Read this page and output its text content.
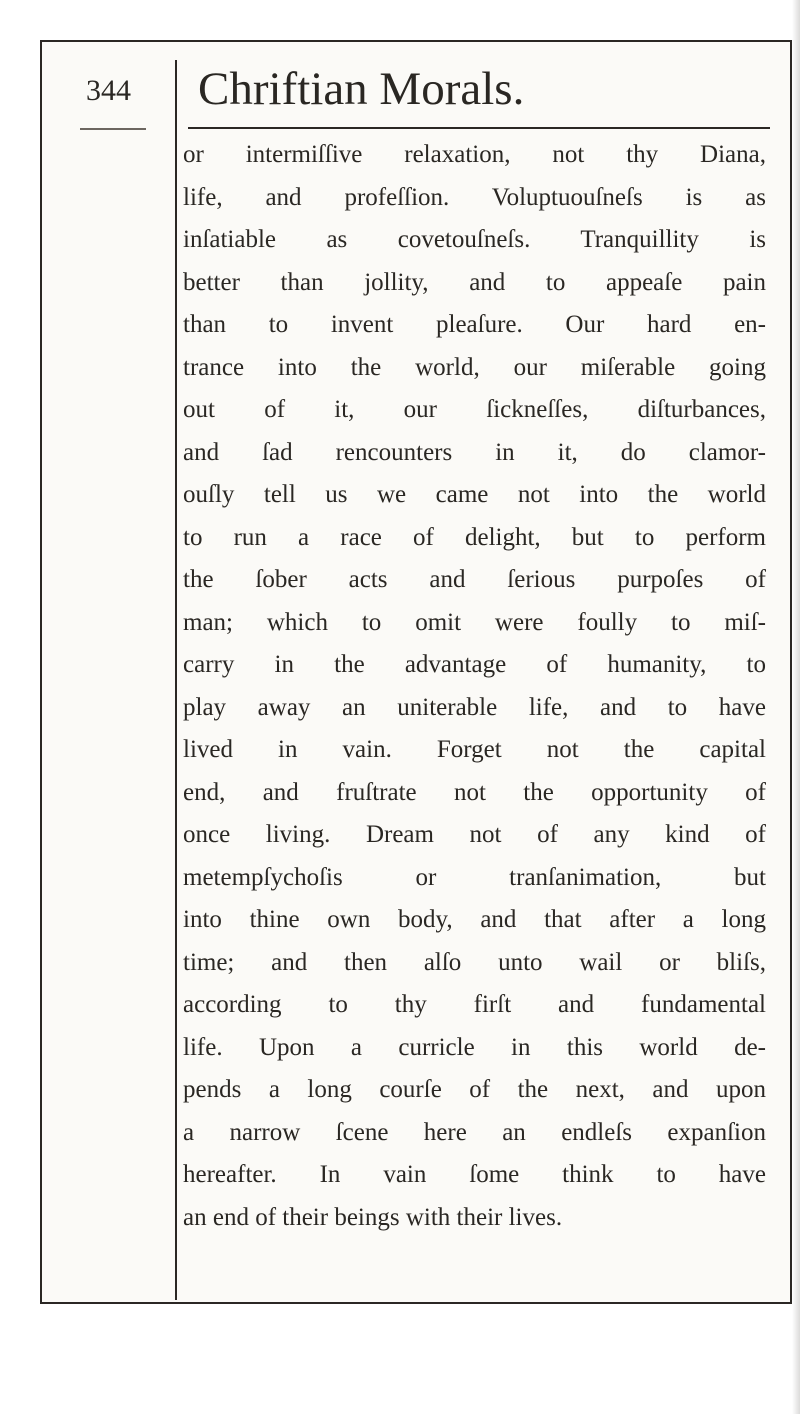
344 Chriftian Morals.
or intermiſſive relaxation, not thy Diana,
life, and profeſſion. Voluptuouſneſs is as
inſatiable as covetouſneſs. Tranquillity is
better than jollity, and to appeaſe pain
than to invent pleaſure. Our hard en-
trance into the world, our miſerable going
out of it, our ſickneſſes, diſturbances,
and ſad rencounters in it, do clamor-
ouſly tell us we came not into the world
to run a race of delight, but to perform
the ſober acts and ſerious purpoſes of
man; which to omit were foully to miſ-
carry in the advantage of humanity, to
play away an uniterable life, and to have
lived in vain. Forget not the capital
end, and fruſtrate not the opportunity of
once living. Dream not of any kind of
metempſychoſis or tranſanimation, but
into thine own body, and that after a long
time; and then alſo unto wail or bliſs,
according to thy firſt and fundamental
life. Upon a curricle in this world de-
pends a long courſe of the next, and upon
a narrow ſcene here an endleſs expanſion
hereafter. In vain ſome think to have
an end of their beings with their lives.
